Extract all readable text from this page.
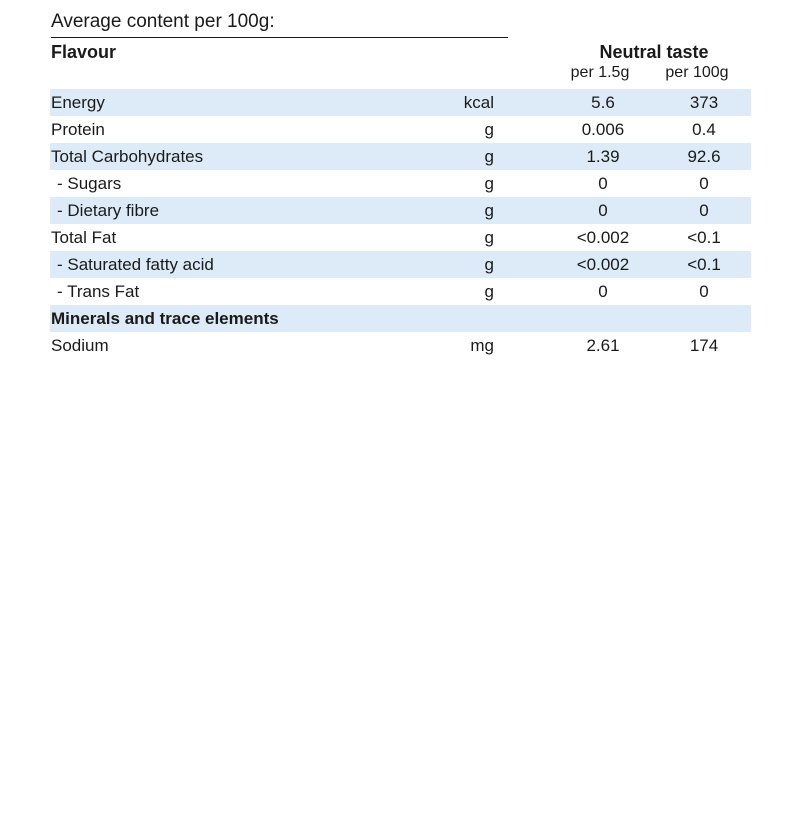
Average content per 100g:
Flavour	Neutral taste
per 1.5g	per 100g
Energy	kcal	5.6	373
Protein	g	0.006	0.4
Total Carbohydrates	g	1.39	92.6
- Sugars	g	0	0
- Dietary fibre	g	0	0
Total Fat	g	<0.002	<0.1
- Saturated fatty acid	g	<0.002	<0.1
- Trans Fat	g	0	0
Minerals and trace elements
Sodium	mg	2.61	174
